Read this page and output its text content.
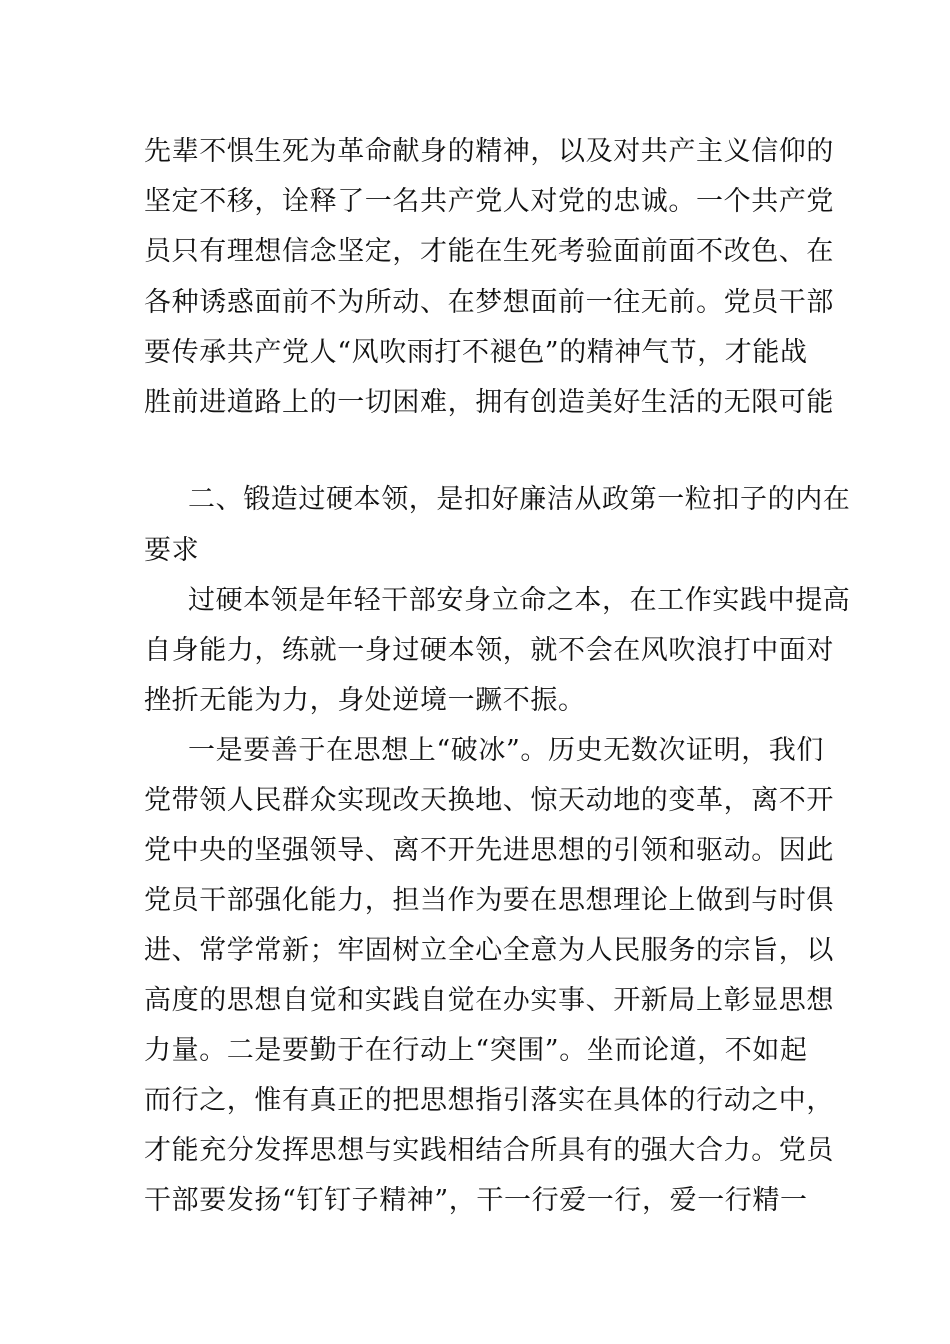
先辈不惧生死为革命献身的精神，以及对共产主义信仰的
坚定不移，诠释了一名共产党人对党的忠诚。一个共产党
员只有理想信念坚定，才能在生死考验面前面不改色、在
各种诱惑面前不为所动、在梦想面前一往无前。党员干部
要传承共产党人“风吹雨打不褪色”的精神气节，才能战
胜前进道路上的一切困难，拥有创造美好生活的无限可能
二、锻造过硬本领，是扣好廉洁从政第一粒扣子的内在
要求
过硬本领是年轻干部安身立命之本，在工作实践中提高
自身能力，练就一身过硬本领，就不会在风吹浪打中面对
挫折无能为力，身处逆境一蹶不振。
一是要善于在思想上“破冰”。历史无数次证明，我们
党带领人民群众实现改天换地、惊天动地的变革，离不开
党中央的坚强领导、离不开先进思想的引领和驱动。因此
党员干部强化能力，担当作为要在思想理论上做到与时俱
进、常学常新；牢固树立全心全意为人民服务的宗旨，以
高度的思想自觉和实践自觉在办实事、开新局上彰显思想
力量。二是要勤于在行动上“突围”。坐而论道，不如起
而行之，惟有真正的把思想指引落实在具体的行动之中，
才能充分发挥思想与实践相结合所具有的强大合力。党员
干部要发扬“钉钉子精神”，干一行爱一行，爱一行精一
